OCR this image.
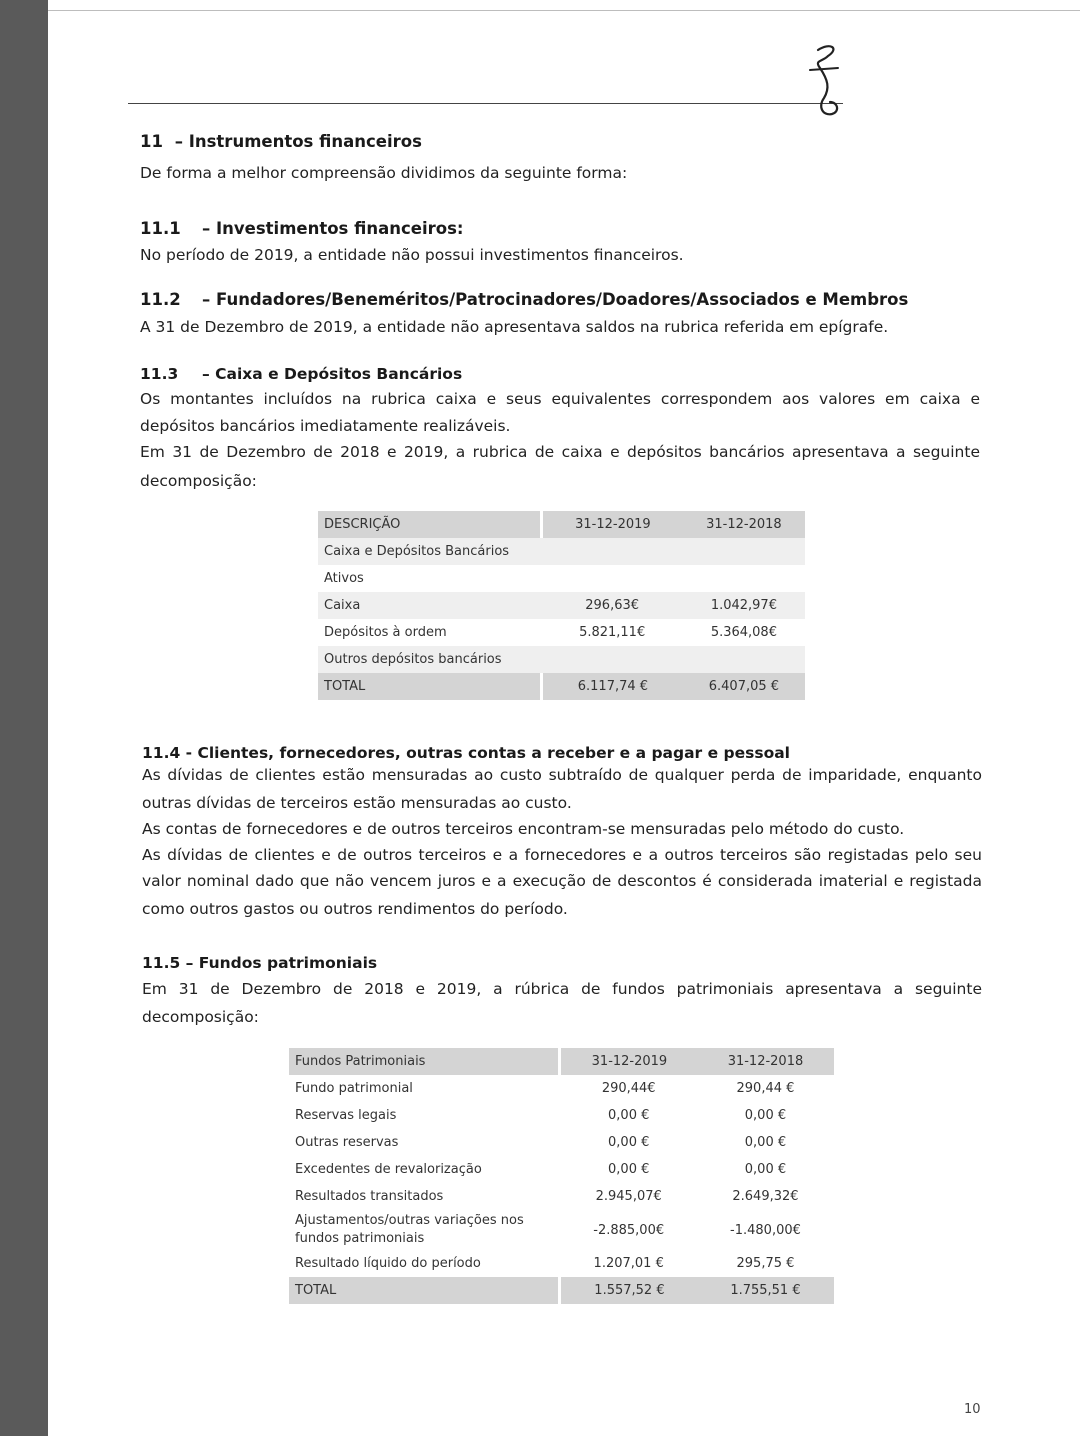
11 – Instrumentos financeiros
De forma a melhor compreensão dividimos da seguinte forma:
11.1 – Investimentos financeiros:
No período de 2019, a entidade não possui investimentos financeiros.
11.2 – Fundadores/Beneméritos/Patrocinadores/Doadores/Associados e Membros
A 31 de Dezembro de 2019, a entidade não apresentava saldos na rubrica referida em epígrafe.
11.3 – Caixa e Depósitos Bancários
Os montantes incluídos na rubrica caixa e seus equivalentes correspondem aos valores em caixa e
depósitos bancários imediatamente realizáveis.
Em 31 de Dezembro de 2018 e 2019, a rubrica de caixa e depósitos bancários apresentava a seguinte
decomposição:
DESCRIÇÃO	31-12-2019	31-12-2018
Caixa e Depósitos Bancários		
Ativos		
Caixa	296,63€	1.042,97€
Depósitos à ordem	5.821,11€	5.364,08€
Outros depósitos bancários		
TOTAL	6.117,74 €	6.407,05 €
11.4 - Clientes, fornecedores, outras contas a receber e a pagar e pessoal
As dívidas de clientes estão mensuradas ao custo subtraído de qualquer perda de imparidade, enquanto
outras dívidas de terceiros estão mensuradas ao custo.
As contas de fornecedores e de outros terceiros encontram-se mensuradas pelo método do custo.
As dívidas de clientes e de outros terceiros e a fornecedores e a outros terceiros são registadas pelo seu
valor nominal dado que não vencem juros e a execução de descontos é considerada imaterial e registada
como outros gastos ou outros rendimentos do período.
11.5 – Fundos patrimoniais
Em 31 de Dezembro de 2018 e 2019, a rúbrica de fundos patrimoniais apresentava a seguinte
decomposição:
Fundos Patrimoniais	31-12-2019	31-12-2018
Fundo patrimonial	290,44€	290,44 €
Reservas legais	0,00 €	0,00 €
Outras reservas	0,00 €	0,00 €
Excedentes de revalorização	0,00 €	0,00 €
Resultados transitados	2.945,07€	2.649,32€

Ajustamentos/outras variações nos
fundos patrimoniais	-2.885,00€	-1.480,00€
Resultado líquido do período	1.207,01 €	295,75 €
TOTAL	1.557,52 €	1.755,51 €
10
